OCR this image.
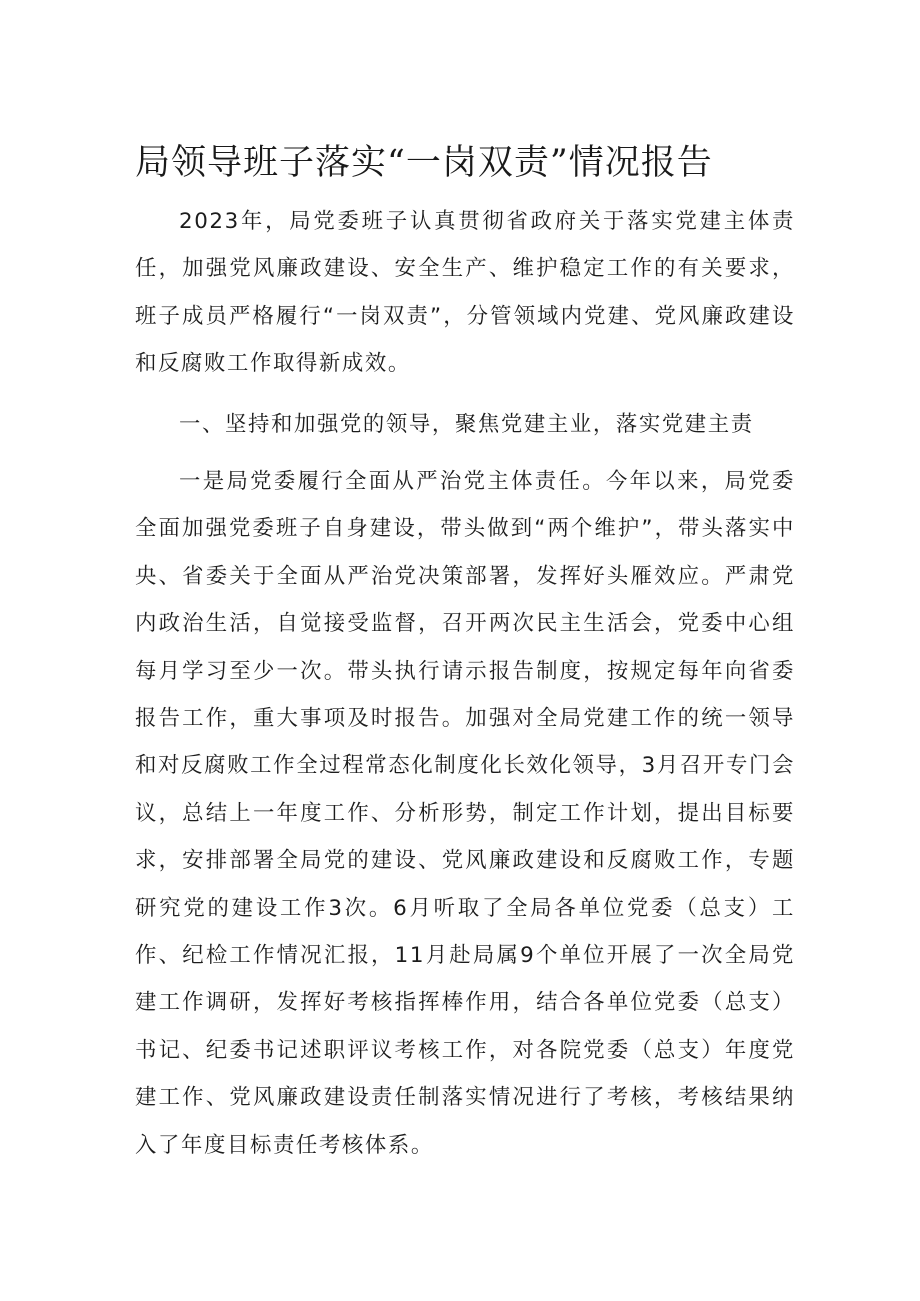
局领导班子落实“一岗双责”情况报告

2023年，局党委班子认真贯彻省政府关于落实党建主体责任，加强党风廉政建设、安全生产、维护稳定工作的有关要求，班子成员严格履行“一岗双责”，分管领域内党建、党风廉政建设和反腐败工作取得新成效。

一、坚持和加强党的领导，聚焦党建主业，落实党建主责

一是局党委履行全面从严治党主体责任。今年以来，局党委全面加强党委班子自身建设，带头做到“两个维护”，带头落实中央、省委关于全面从严治党决策部署，发挥好头雁效应。严肃党内政治生活，自觉接受监督，召开两次民主生活会，党委中心组每月学习至少一次。带头执行请示报告制度，按规定每年向省委报告工作，重大事项及时报告。加强对全局党建工作的统一领导和对反腐败工作全过程常态化制度化长效化领导，3月召开专门会议，总结上一年度工作、分析形势，制定工作计划，提出目标要求，安排部署全局党的建设、党风廉政建设和反腐败工作，专题研究党的建设工作3次。6月听取了全局各单位党委（总支）工作、纪检工作情况汇报，11月赴局属9个单位开展了一次全局党建工作调研，发挥好考核指挥棒作用，结合各单位党委（总支）书记、纪委书记述职评议考核工作，对各院党委（总支）年度党建工作、党风廉政建设责任制落实情况进行了考核，考核结果纳入了年度目标责任考核体系。
